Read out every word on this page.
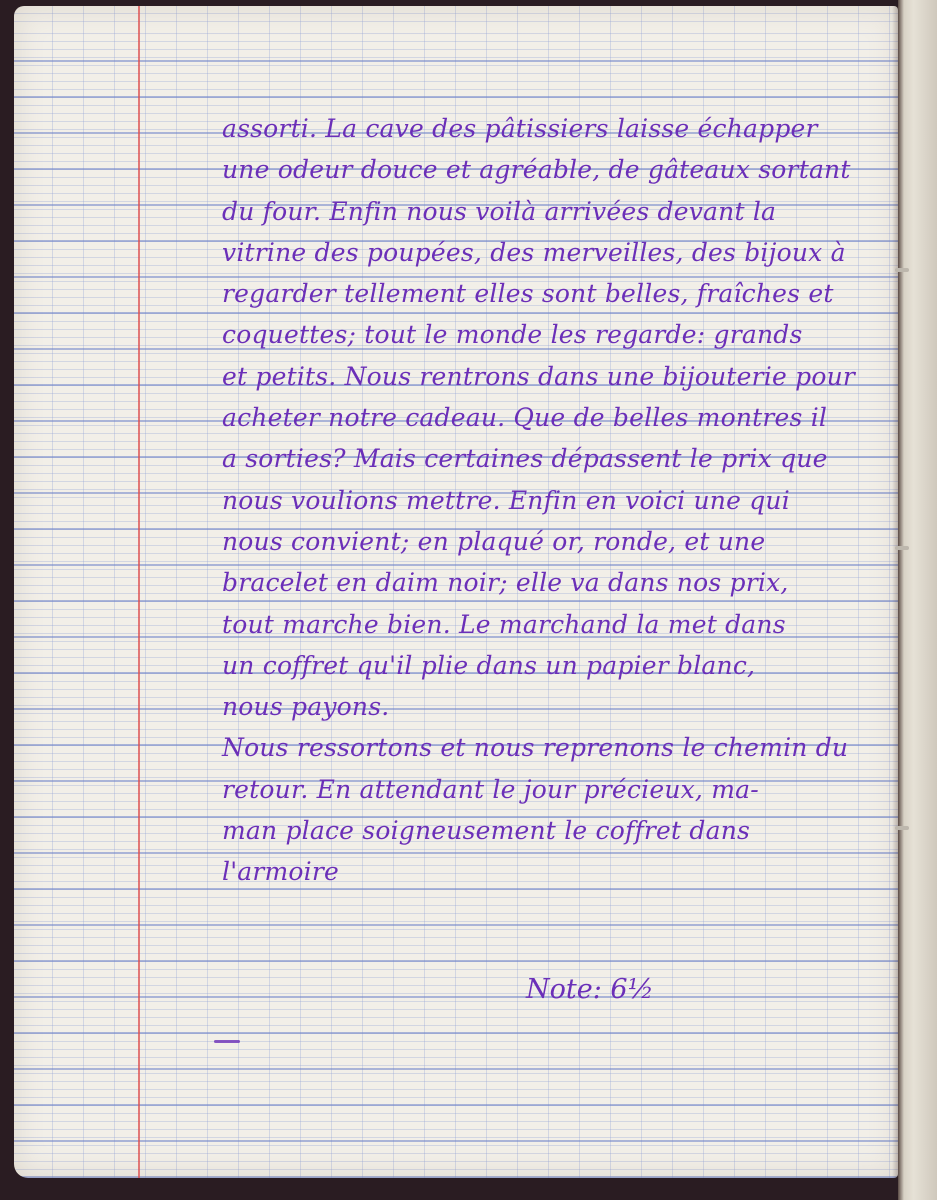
assorti. La cave des pâtissiers laisse échapper
une odeur douce et agréable, de gâteaux sortant
du four. Enfin nous voilà arrivées devant la
vitrine des poupées, des merveilles, des bijoux à
regarder tellement elles sont belles, fraîches et
coquettes; tout le monde les regarde: grands
et petits. Nous rentrons dans une bijouterie pour
acheter notre cadeau. Que de belles montres il
a sorties? Mais certaines dépassent le prix que
nous voulions mettre. Enfin en voici une qui
nous convient; en plaqué or, ronde, et une
bracelet en daim noir; elle va dans nos prix,
tout marche bien. Le marchand la met dans
un coffret qu'il plie dans un papier blanc,
nous payons.
Nous ressortons et nous reprenons le chemin du
retour. En attendant le jour précieux, ma-
man place soigneusement le coffret dans
l'armoire
Note: 6½
